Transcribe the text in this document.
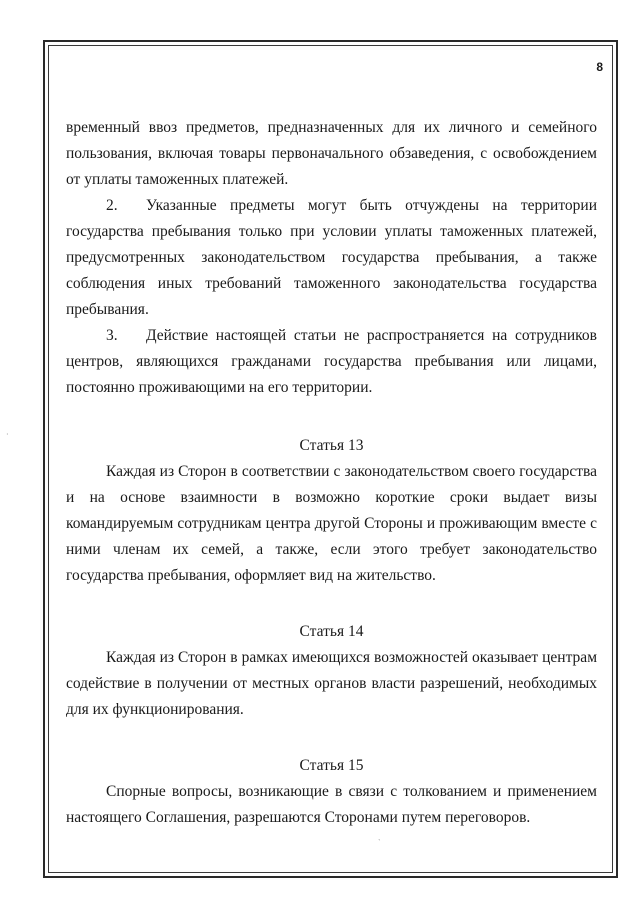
8

временный ввоз предметов, предназначенных для их личного и семейного пользования, включая товары первоначального обзаведения, с освобождением от уплаты таможенных платежей.

2. Указанные предметы могут быть отчуждены на территории государства пребывания только при условии уплаты таможенных платежей, предусмотренных законодательством государства пребывания, а также соблюдения иных требований таможенного законодательства государства пребывания.

3. Действие настоящей статьи не распространяется на сотрудников центров, являющихся гражданами государства пребывания или лицами, постоянно проживающими на его территории.

Статья 13

Каждая из Сторон в соответствии с законодательством своего государства и на основе взаимности в возможно короткие сроки выдает визы командируемым сотрудникам центра другой Стороны и проживающим вместе с ними членам их семей, а также, если этого требует законодательство государства пребывания, оформляет вид на жительство.

Статья 14

Каждая из Сторон в рамках имеющихся возможностей оказывает центрам содействие в получении от местных органов власти разрешений, необходимых для их функционирования.

Статья 15

Спорные вопросы, возникающие в связи с толкованием и применением настоящего Соглашения, разрешаются Сторонами путем переговоров.

·
`
